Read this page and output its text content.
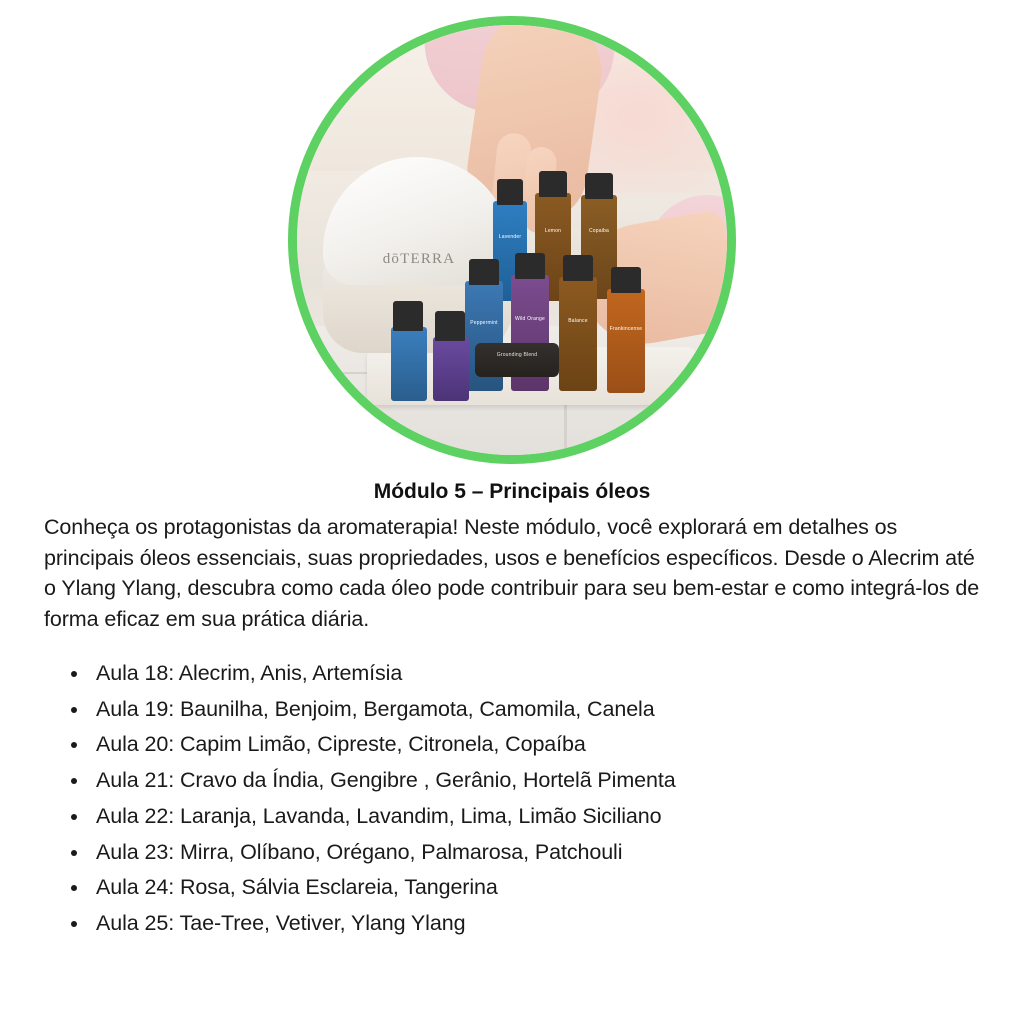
dōTERRA
Lavender
Lemon	Copaiba
Peppermint
Wild Orange	Balance
Frankincense
Grounding Blend
Módulo 5 – Principais óleos

Conheça os protagonistas da aromaterapia! Neste módulo, você explorará em detalhes os principais óleos essenciais, suas propriedades, usos e benefícios específicos. Desde o Alecrim até o Ylang Ylang, descubra como cada óleo pode contribuir para seu bem-estar e como integrá-los de forma eficaz em sua prática diária.

• Aula 18: Alecrim, Anis, Artemísia
• Aula 19: Baunilha, Benjoim, Bergamota, Camomila, Canela
• Aula 20: Capim Limão, Cipreste, Citronela, Copaíba
• Aula 21: Cravo da Índia, Gengibre , Gerânio, Hortelã Pimenta
• Aula 22: Laranja, Lavanda, Lavandim, Lima, Limão Siciliano
• Aula 23: Mirra, Olíbano, Orégano, Palmarosa, Patchouli
• Aula 24: Rosa, Sálvia Esclareia, Tangerina
• Aula 25: Tae-Tree, Vetiver, Ylang Ylang
